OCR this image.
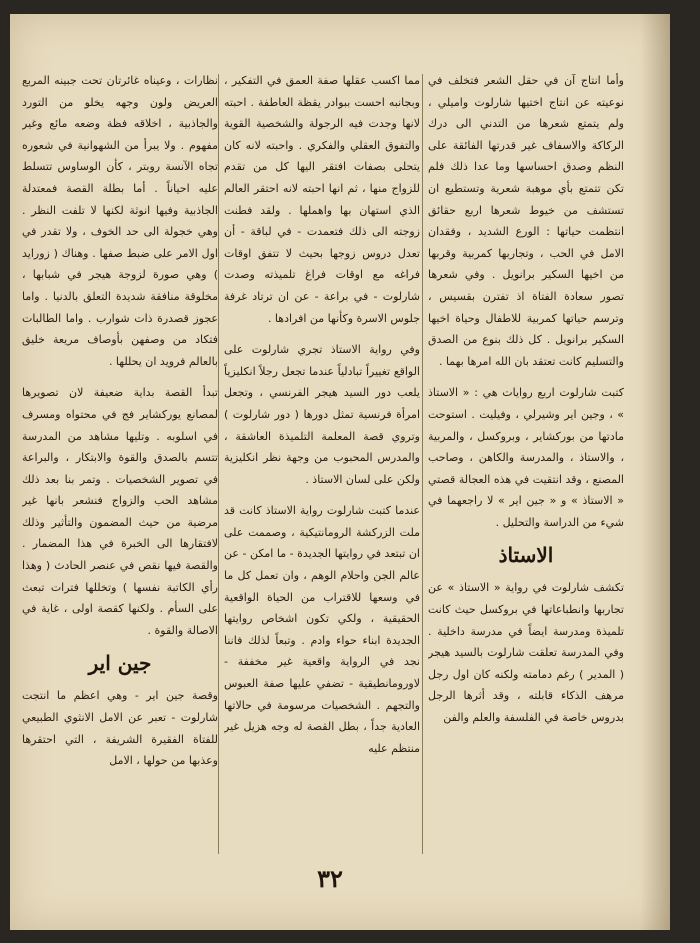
وأما انتاج آن في حقل الشعر فتخلف في نوعيته عن انتاج اختيها شارلوت واميلي ، ولم يتمتع شعرها من التدني الى درك الركاكة والاسفاف غير قدرتها الفائقة على النظم وصدق احساسها وما عدا ذلك فلم تكن تتمتع بأي موهبة شعرية وتستطيع ان تستشف من خيوط شعرها اربع حقائق انتظمت حياتها : الورع الشديد ، وفقدان الامل في الحب ، وتجاربها كمربية وقربها من اخيها السكير برانويل . وفي شعرها تصور سعادة الفتاة اذ تفترن بقسيس ، وترسم حياتها كمربية للاطفال وحياة اخيها السكير برانويل . كل ذلك بنوع من الصدق والتسليم كانت تعتقد بان الله امرها بهما .

كتبت شارلوت اربع روايات هي : « الاستاذ » ، وجين اير وشيرلي ، وفيليت . استوحت مادتها من بوركشاير ، وبروكسل ، والمربية ، والاستاذ ، والمدرسة والكاهن ، وصاحب المصنع ، وقد انتقيت في هذه العجالة قصتي « الاستاذ » و « جين اير » لا راجعهما في شيء من الدراسة والتحليل .

الاستاذ

تكشف شارلوت في رواية « الاستاذ » عن تجاربها وانطباعاتها في بروكسل حيث كانت تلميذة ومدرسة ايضاً في مدرسة داخلية . وفي المدرسة تعلقت شارلوت بالسيد هيجر ( المدير ) رغم دمامته ولكنه كان اول رجل مرهف الذكاء قابلته ، وقد أثرها الرجل بدروس خاصة في الفلسفة والعلم والفن

مما اكسب عقلها صفة العمق في التفكير ، وبجانبه احست ببوادر يقظة العاطفة . احبته لانها وجدت فيه الرجولة والشخصية القوية والتفوق العقلي والفكري . واحبته لانه كان يتحلى بصفات افتقر اليها كل من تقدم للزواج منها ، ثم انها احبته لانه احتقر العالم الذي استهان بها واهملها . ولقد فطنت زوجته الى ذلك فتعمدت - في لباقة - أن تعدل دروس زوجها بحيث لا تتفق اوقات فراغه مع اوقات فراغ تلميذته وصدت شارلوت - في براعة - عن ان ترتاد غرفة جلوس الاسرة وكأنها من افرادها .

وفي رواية الاستاذ تجري شارلوت على الواقع تغييراً تبادلياً عندما تجعل رجلاً انكليزياً يلعب دور السيد هيجر الفرنسي ، وتجعل امرأة فرنسية تمثل دورها ( دور شارلوت ) وتروي قصة المعلمة التلميذة العاشقة ، والمدرس المحبوب من وجهة نظر انكليزية ولكن على لسان الاستاذ .

عندما كتبت شارلوت رواية الاستاذ كانت قد ملت الزركشة الرومانتيكية ، وصممت على ان تبتعد في روايتها الجديدة - ما امكن - عن عالم الجن واحلام الوهم ، وان تعمل كل ما في وسعها للاقتراب من الحياة الواقعية الحقيقية ، ولكي تكون اشخاص روايتها الجديدة ابناء حواء وادم . وتبعاً لذلك فاننا نجد في الرواية واقعية غير مخففة - لاورومانطيقية - تضفي عليها صفة العبوس والتجهم . الشخصيات مرسومة في حالاتها العادية جداً ، بطل القصة له وجه هزيل غير منتظم عليه

نظارات ، وعيناه غائرتان تحت جبينه المربع العريض ولون وجهه يخلو من التورد والجاذبية ، اخلاقه فظة وضعه مائع وغير مفهوم . ولا يبرأ من الشهوانية في شعوره تجاه الآنسة روبتر ، كأن الوساوس تتسلط عليه احياناً . أما بطلة القصة فمعتدلة الجاذبية وفيها انوثة لكنها لا تلفت النظر . وهي خجولة الى حد الخوف ، ولا تقدر في اول الامر على ضبط صفها . وهناك ( زورايد ) وهي صورة لزوجة هيجر في شبابها ، مخلوقة منافقة شديدة التعلق بالدنيا . واما عجوز قصدرة ذات شوارب . واما الطالبات فتكاد من وصفهن بأوصاف مريعة خليق بالعالم فرويد ان يحللها .

تبدأ القصة بداية ضعيفة لان تصويرها لمصانع يوركشاير فج في محتواه ومسرف في اسلوبه . وتليها مشاهد من المدرسة تتسم بالصدق والقوة والابتكار ، والبراعة في تصوير الشخصيات . وتمر بنا بعد ذلك مشاهد الحب والزواج فنشعر بانها غير مرضية من حيث المضمون والتأثير وذلك لافتقارها الى الخبرة في هذا المضمار . والقصة فيها نقص في عنصر الحادث ( وهذا رأي الكاتبة نفسها ) وتخللها فترات تبعث على السأم . ولكنها كقصة اولى ، غاية في الاصالة والقوة .

جين اير

وقصة جين اير - وهي اعظم ما انتجت شارلوت - تعبر عن الامل الانثوي الطبيعي للفتاة الفقيرة الشريفة ، التي احتقرها وعذبها من حولها ، الامل

٣٢
